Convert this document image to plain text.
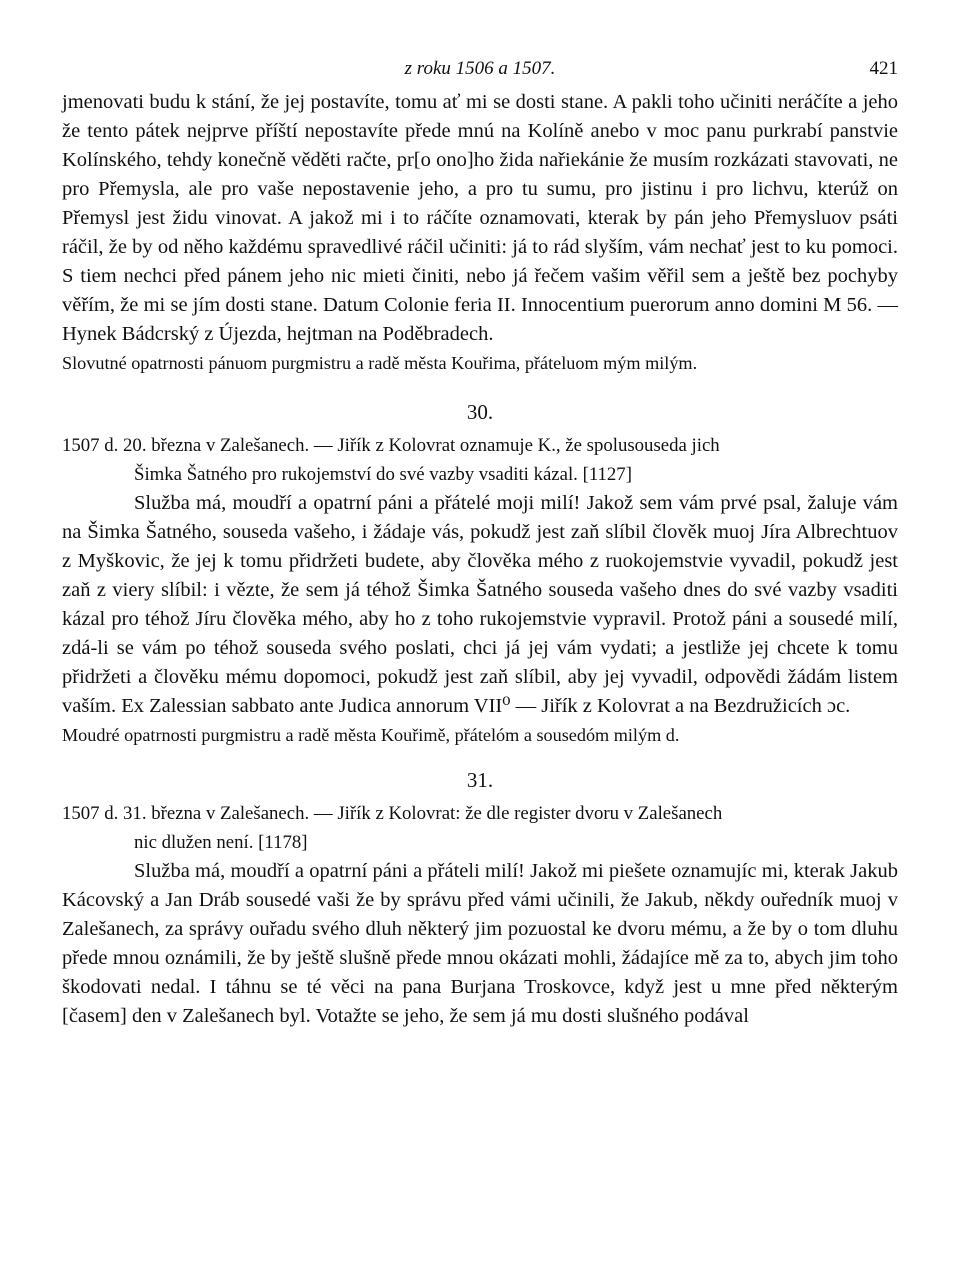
z roku 1506 a 1507.	421

jmenovati budu k stání, že jej postavíte, tomu ať mi se dosti stane. A pakli toho učiniti neráčíte a jeho že tento pátek nejprve příští nepostavíte přede mnú na Kolíně anebo v moc panu purkrabí panstvie Kolínského, tehdy konečně věděti račte, pr[o ono]ho žida nařiekánie že musím rozkázati stavovati, ne pro Přemysla, ale pro vaše nepostavenie jeho, a pro tu sumu, pro jistinu i pro lichvu, kterúž on Přemysl jest židu vinovat. A jakož mi i to ráčíte oznamovati, kterak by pán jeho Přemysluov psáti ráčil, že by od něho každému spravedlivé ráčil učiniti: já to rád slyším, vám nechať jest to ku pomoci. S tiem nechci před pánem jeho nic mieti činiti, nebo já řečem vašim věřil sem a ještě bez pochyby věřím, že mi se jím dosti stane. Datum Colonie feria II. Innocentium puerorum anno domini M 56. — Hynek Bádcrský z Újezda, hejtman na Poděbradech.

Slovutné opatrnosti pánuom purgmistru a radě města Kouřima, přáteluom mým milým.

30.

1507 d. 20. března v Zalešanech. — Jiřík z Kolovrat oznamuje K., že spolusouseda jich
Šimka Šatného pro rukojemství do své vazby vsaditi kázal. [1127]

Služba má, moudří a opatrní páni a přátelé moji milí! Jakož sem vám prvé psal, žaluje vám na Šimka Šatného, souseda vašeho, i žádaje vás, pokudž jest zaň slíbil člověk muoj Jíra Albrechtuov z Myškovic, že jej k tomu přidržeti budete, aby člověka mého z ruokojemstvie vyvadil, pokudž jest zaň z viery slíbil: i vězte, že sem já téhož Šimka Šatného souseda vašeho dnes do své vazby vsaditi kázal pro téhož Jíru člověka mého, aby ho z toho rukojemstvie vypravil. Protož páni a sousedé milí, zdá-li se vám po téhož souseda svého poslati, chci já jej vám vydati; a jestliže jej chcete k tomu přidržeti a člověku mému dopomoci, pokudž jest zaň slíbil, aby jej vyvadil, odpovědi žádám listem vaším. Ex Zalessian sabbato ante Judica annorum VII⁰ — Jiřík z Kolovrat a na Bezdružicích ɔc.

Moudré opatrnosti purgmistru a radě města Kouřimě, přátelóm a sousedóm milým d.

31.

1507 d. 31. března v Zalešanech. — Jiřík z Kolovrat: že dle register dvoru v Zalešanech
nic dlužen není. [1178]

Služba má, moudří a opatrní páni a přáteli milí! Jakož mi piešete oznamujíc mi, kterak Jakub Kácovský a Jan Dráb sousedé vaši že by správu před vámi učinili, že Jakub, někdy ouředník muoj v Zalešanech, za správy ouřadu svého dluh některý jim pozuostal ke dvoru mému, a že by o tom dluhu přede mnou oznámili, že by ještě slušně přede mnou okázati mohli, žádajíce mě za to, abych jim toho škodovati nedal. I táhnu se té věci na pana Burjana Troskovce, když jest u mne před některým [časem] den v Zalešanech byl. Votažte se jeho, že sem já mu dosti slušného podával
